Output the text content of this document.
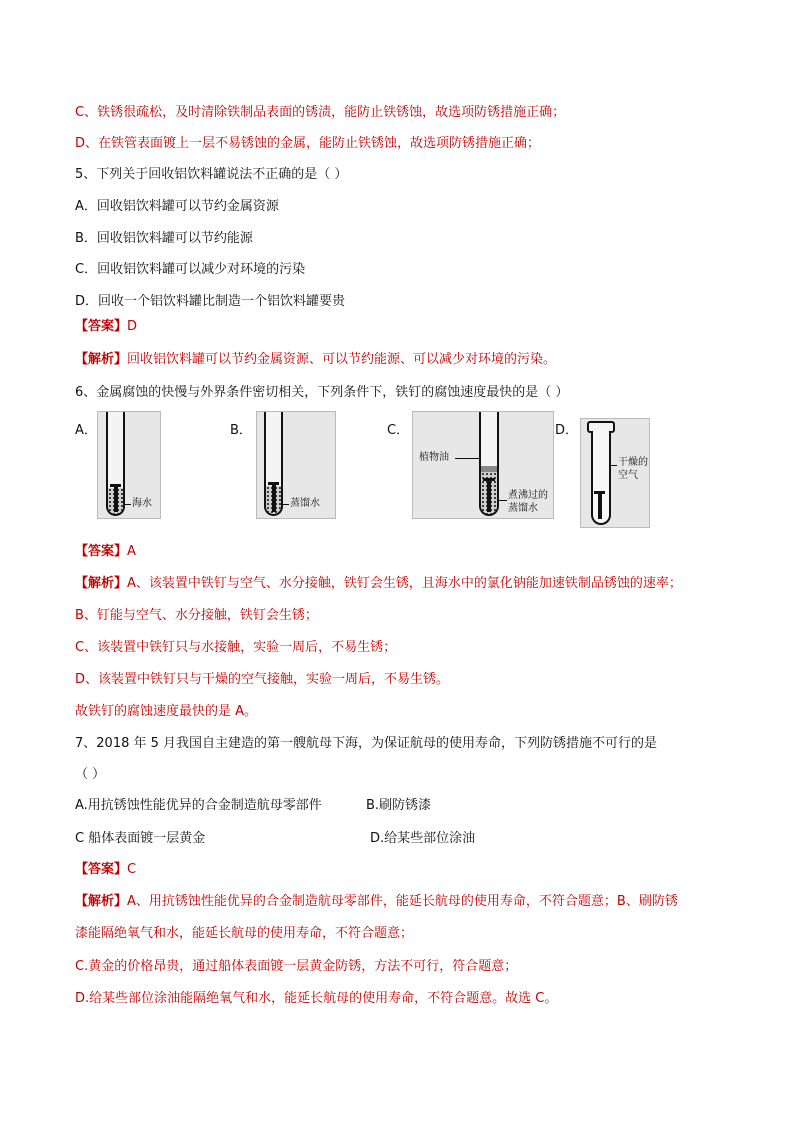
C、铁锈很疏松，及时清除铁制品表面的锈渍，能防止铁锈蚀，故选项防锈措施正确；
D、在铁管表面镀上一层不易锈蚀的金属，能防止铁锈蚀，故选项防锈措施正确；
5、下列关于回收铝饮料罐说法不正确的是（ ）
A．回收铝饮料罐可以节约金属资源
B．回收铝饮料罐可以节约能源
C．回收铝饮料罐可以减少对环境的污染
D．回收一个铝饮料罐比制造一个铝饮料罐要贵
【答案】D
【解析】回收铝饮料罐可以节约金属资源、可以节约能源、可以减少对环境的污染。
6、金属腐蚀的快慢与外界条件密切相关，下列条件下，铁钉的腐蚀速度最快的是（ ）
A．
海水
B．
蒸馏水
C．
植物油
煮沸过的
蒸馏水
D．
干燥的
空气
【答案】A
【解析】A、该装置中铁钉与空气、水分接触，铁钉会生锈，且海水中的氯化钠能加速铁制品锈蚀的速率；
B、钉能与空气、水分接触，铁钉会生锈；
C、该装置中铁钉只与水接触，实验一周后，不易生锈；
D、该装置中铁钉只与干燥的空气接触，实验一周后，不易生锈。
故铁钉的腐蚀速度最快的是 A。
7、2018 年 5 月我国自主建造的第一艘航母下海，为保证航母的使用寿命，下列防锈措施不可行的是
（ ）
A.用抗锈蚀性能优异的合金制造航母零部件	B.刷防锈漆
C 船体表面镀一层黄金	D.给某些部位涂油
【答案】C
【解析】A、用抗锈蚀性能优异的合金制造航母零部件，能延长航母的使用寿命，不符合题意；B、刷防锈
漆能隔绝氧气和水，能延长航母的使用寿命，不符合题意；
C.黄金的价格昂贵，通过船体表面镀一层黄金防锈，方法不可行，符合题意；
D.给某些部位涂油能隔绝氧气和水，能延长航母的使用寿命，不符合题意。故选 C。
